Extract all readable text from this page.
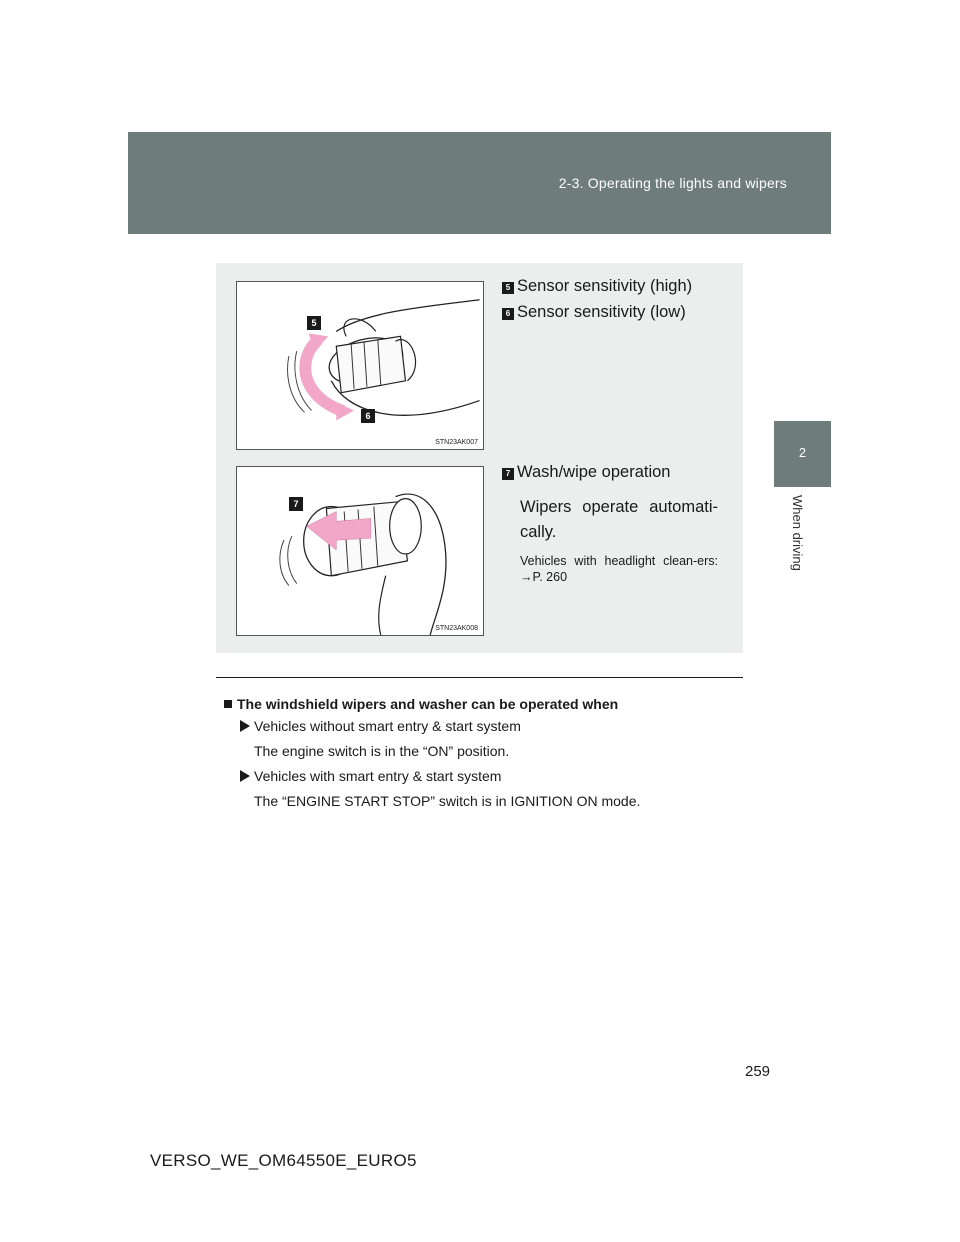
2-3. Operating the lights and wipers
2
When driving
5
6
STN23AK007
7
STN23AK008
5 Sensor sensitivity (high)
6 Sensor sensitivity (low)
7 Wash/wipe operation
Wipers operate automati-cally.
Vehicles with headlight clean-ers: →P. 260
The windshield wipers and washer can be operated when
Vehicles without smart entry & start system
The engine switch is in the “ON” position.
Vehicles with smart entry & start system
The “ENGINE START STOP” switch is in IGNITION ON mode.
259
VERSO_WE_OM64550E_EURO5
